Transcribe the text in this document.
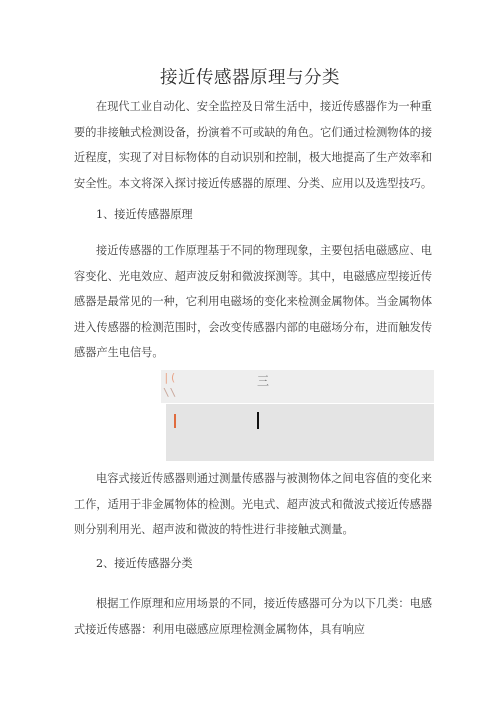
接近传感器原理与分类
在现代工业自动化、安全监控及日常生活中，接近传感器作为一种重要的非接触式检测设备，扮演着不可或缺的角色。它们通过检测物体的接近程度，实现了对目标物体的自动识别和控制，极大地提高了生产效率和安全性。本文将深入探讨接近传感器的原理、分类、应用以及选型技巧。
1、接近传感器原理
接近传感器的工作原理基于不同的物理现象，主要包括电磁感应、电容变化、光电效应、超声波反射和微波探测等。其中，电磁感应型接近传感器是最常见的一种，它利用电磁场的变化来检测金属物体。当金属物体进入传感器的检测范围时，会改变传感器内部的电磁场分布，进而触发传感器产生电信号。
|(
\\
三
电容式接近传感器则通过测量传感器与被测物体之间电容值的变化来工作，适用于非金属物体的检测。光电式、超声波式和微波式接近传感器则分别利用光、超声波和微波的特性进行非接触式测量。
2、接近传感器分类
根据工作原理和应用场景的不同，接近传感器可分为以下几类：电感式接近传感器：利用电磁感应原理检测金属物体，具有响应
